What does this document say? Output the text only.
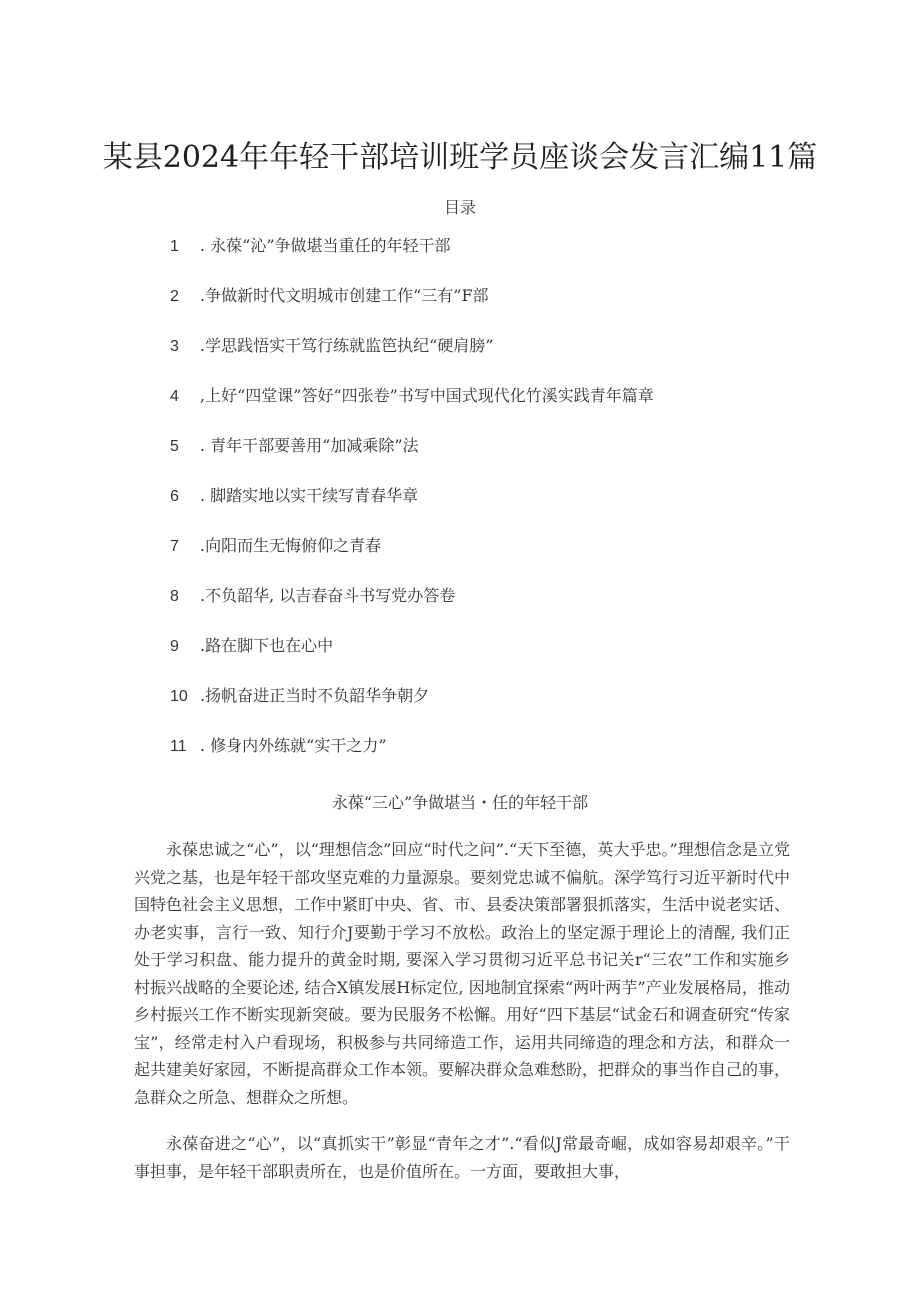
某县2024年年轻干部培训班学员座谈会发言汇编11篇
目录
1 . 永葆“沁”争做堪当重任的年轻干部
2 .争做新时代文明城市创建工作“三有”F部
3 .学思践悟实干笃行练就监笆执纪“硬肩膀”
4 ,上好“四堂课”答好“四张卷”书写中国式现代化竹溪实践青年篇章
5 . 青年干部要善用“加减乘除”法
6 . 脚踏实地以实干续写青春华章
7 .向阳而生无悔俯仰之青春
8 .不负韶华, 以吉春奋斗书写党办答卷
9 .路在脚下也在心中
10 .扬帆奋进正当时不负韶华争朝夕
11 . 修身内外练就“实干之力”
永葆“三心”争做堪当・任的年轻干部

永葆忠诚之“心”，以“理想信念”回应“时代之问”.“天下至德，英大乎忠。”理想信念是立党兴党之基，也是年轻干部攻坚克难的力量源泉。要刻党忠诚不偏航。深学笃行习近平新时代中国特色社会主义思想，工作中紧盯中央、省、市、县委决策部署狠抓落实，生活中说老实话、办老实事，言行一致、知行介J要勤于学习不放松。政治上的坚定源于理论上的清醒, 我们正处于学习积盘、能力提升的黄金时期, 要深入学习贯彻习近平总书记关r“三农”工作和实施乡村振兴战略的全要论述, 结合X镇发展H标定位, 因地制宜探索“两叶两芋”产业发展格局，推动乡村振兴工作不断实现新突破。要为民服务不松懈。用好“四下基层“试金石和调查研究“传家宝”，经常走村入户看现场，积极参与共同缔造工作，运用共同缔造的理念和方法，和群众一起共建美好家园，不断提高群众工作本领。要解决群众急难愁盼，把群众的事当作自己的事，急群众之所急、想群众之所想。

永葆奋进之“心”，以“真抓实干”彰显“青年之才”.“看似J常最奇崛，成如容易却艰辛。”干事担事，是年轻干部职责所在，也是价值所在。一方面，要敢担大事，
